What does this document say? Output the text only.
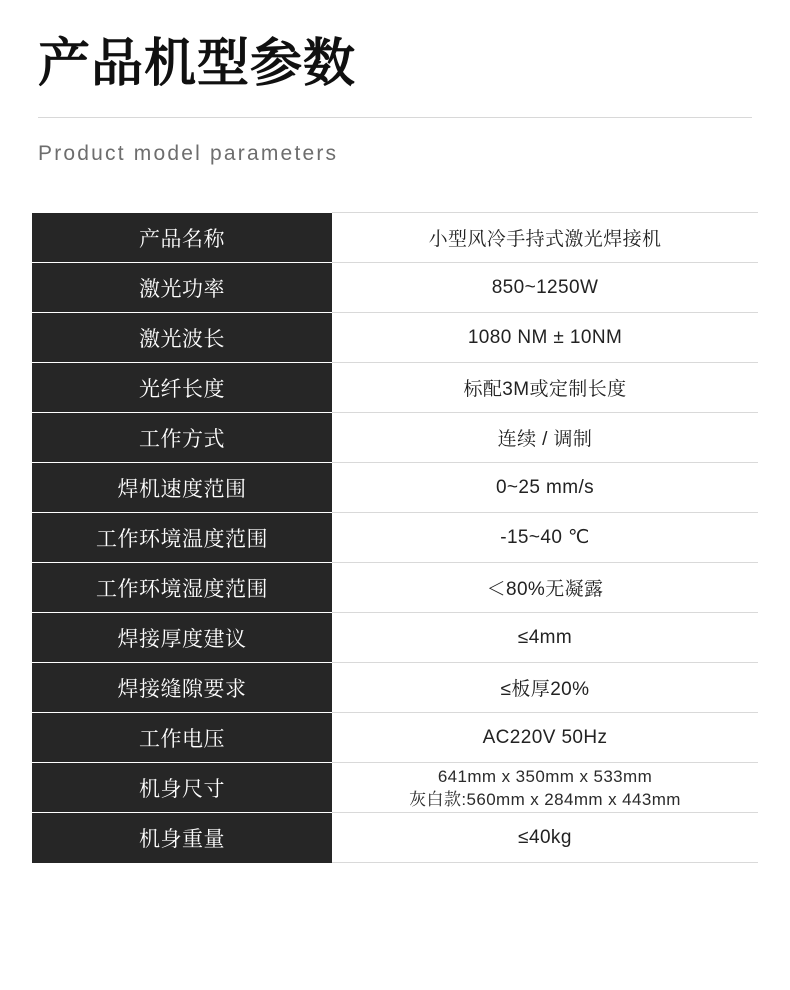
产品机型参数
Product model parameters
产品名称	小型风冷手持式激光焊接机
激光功率	850~1250W
激光波长	1080 NM ± 10NM
光纤长度	标配3M或定制长度
工作方式	连续 / 调制
焊机速度范围	0~25 mm/s
工作环境温度范围	-15~40 ℃
工作环境湿度范围	＜80%无凝露
焊接厚度建议	≤4mm
焊接缝隙要求	≤板厚20%
工作电压	AC220V 50Hz
机身尺寸	641mm x 350mm x 533mm
灰白款:560mm x 284mm x 443mm

机身重量	≤40kg
